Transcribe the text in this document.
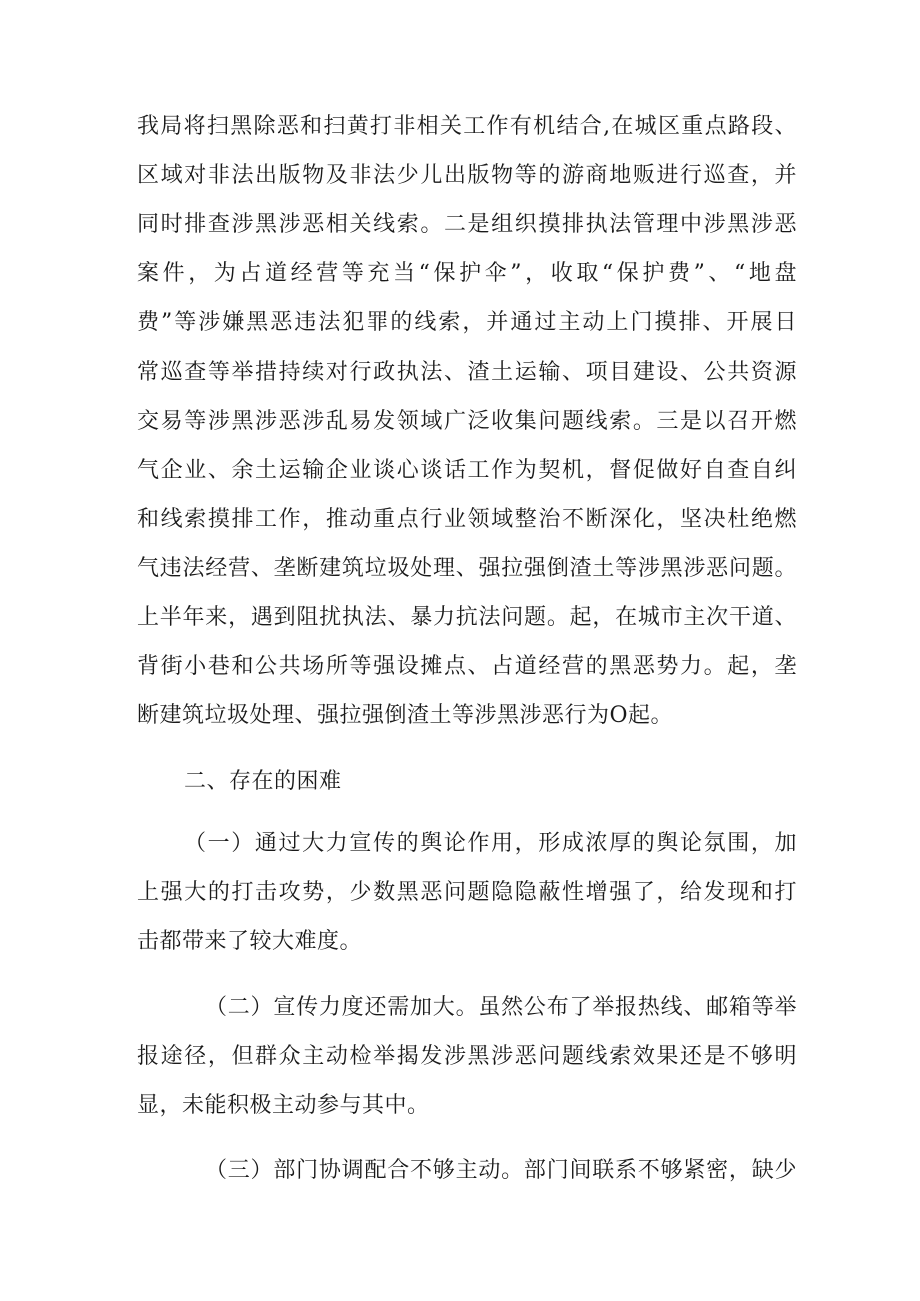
我局将扫黑除恶和扫黄打非相关工作有机结合,在城区重点路段、
区域对非法出版物及非法少儿出版物等的游商地贩进行巡查，并
同时排查涉黑涉恶相关线索。二是组织摸排执法管理中涉黑涉恶
案件，为占道经营等充当“保护伞”，收取“保护费”、“地盘
费”等涉嫌黑恶违法犯罪的线索，并通过主动上门摸排、开展日
常巡查等举措持续对行政执法、渣土运输、项目建设、公共资源
交易等涉黑涉恶涉乱易发领域广泛收集问题线索。三是以召开燃
气企业、余土运输企业谈心谈话工作为契机，督促做好自查自纠
和线索摸排工作，推动重点行业领域整治不断深化，坚决杜绝燃
气违法经营、垄断建筑垃圾处理、强拉强倒渣土等涉黑涉恶问题。
上半年来，遇到阻扰执法、暴力抗法问题。起，在城市主次干道、
背街小巷和公共场所等强设摊点、占道经营的黑恶势力。起，垄
断建筑垃圾处理、强拉强倒渣土等涉黑涉恶行为O起。
二、存在的困难
（一）通过大力宣传的舆论作用，形成浓厚的舆论氛围，加
上强大的打击攻势，少数黑恶问题隐隐蔽性增强了，给发现和打
击都带来了较大难度。
（二）宣传力度还需加大。虽然公布了举报热线、邮箱等举
报途径，但群众主动检举揭发涉黑涉恶问题线索效果还是不够明
显，未能积极主动参与其中。
（三）部门协调配合不够主动。部门间联系不够紧密，缺少
